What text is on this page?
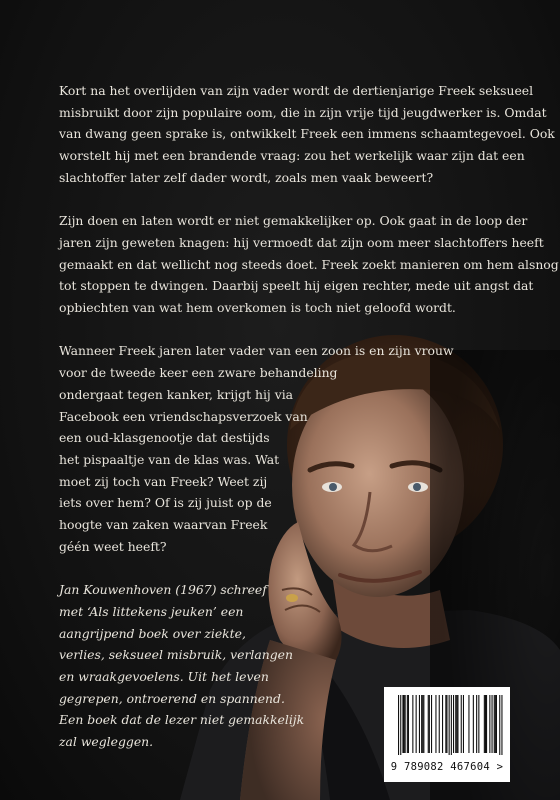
Kort na het overlijden van zijn vader wordt de dertienjarige Freek seksueel
misbruikt door zijn populaire oom, die in zijn vrije tijd jeugdwerker is. Omdat
van dwang geen sprake is, ontwikkelt Freek een immens schaamtegevoel. Ook
worstelt hij met een brandende vraag: zou het werkelijk waar zijn dat een
slachtoffer later zelf dader wordt, zoals men vaak beweert?

Zijn doen en laten wordt er niet gemakkelijker op. Ook gaat in de loop der
jaren zijn geweten knagen: hij vermoedt dat zijn oom meer slachtoffers heeft
gemaakt en dat wellicht nog steeds doet. Freek zoekt manieren om hem alsnog
tot stoppen te dwingen. Daarbij speelt hij eigen rechter, mede uit angst dat
opbiechten van wat hem overkomen is toch niet geloofd wordt.

Wanneer Freek jaren later vader van een zoon is en zijn vrouw
voor de tweede keer een zware behandeling
ondergaat tegen kanker, krijgt hij via
Facebook een vriendschapsverzoek van
een oud-klasgenootje dat destijds
het pispaaltje van de klas was. Wat
moet zij toch van Freek? Weet zij
iets over hem? Of is zij juist op de
hoogte van zaken waarvan Freek
géén weet heeft?

Jan Kouwenhoven (1967) schreef
met ‘Als littekens jeuken’ een
aangrijpend boek over ziekte,
verlies, seksueel misbruik, verlangen
en wraakgevoelens. Uit het leven
gegrepen, ontroerend en spannend.
Een boek dat de lezer niet gemakkelijk
zal wegleggen.

9 789082 467604 >
